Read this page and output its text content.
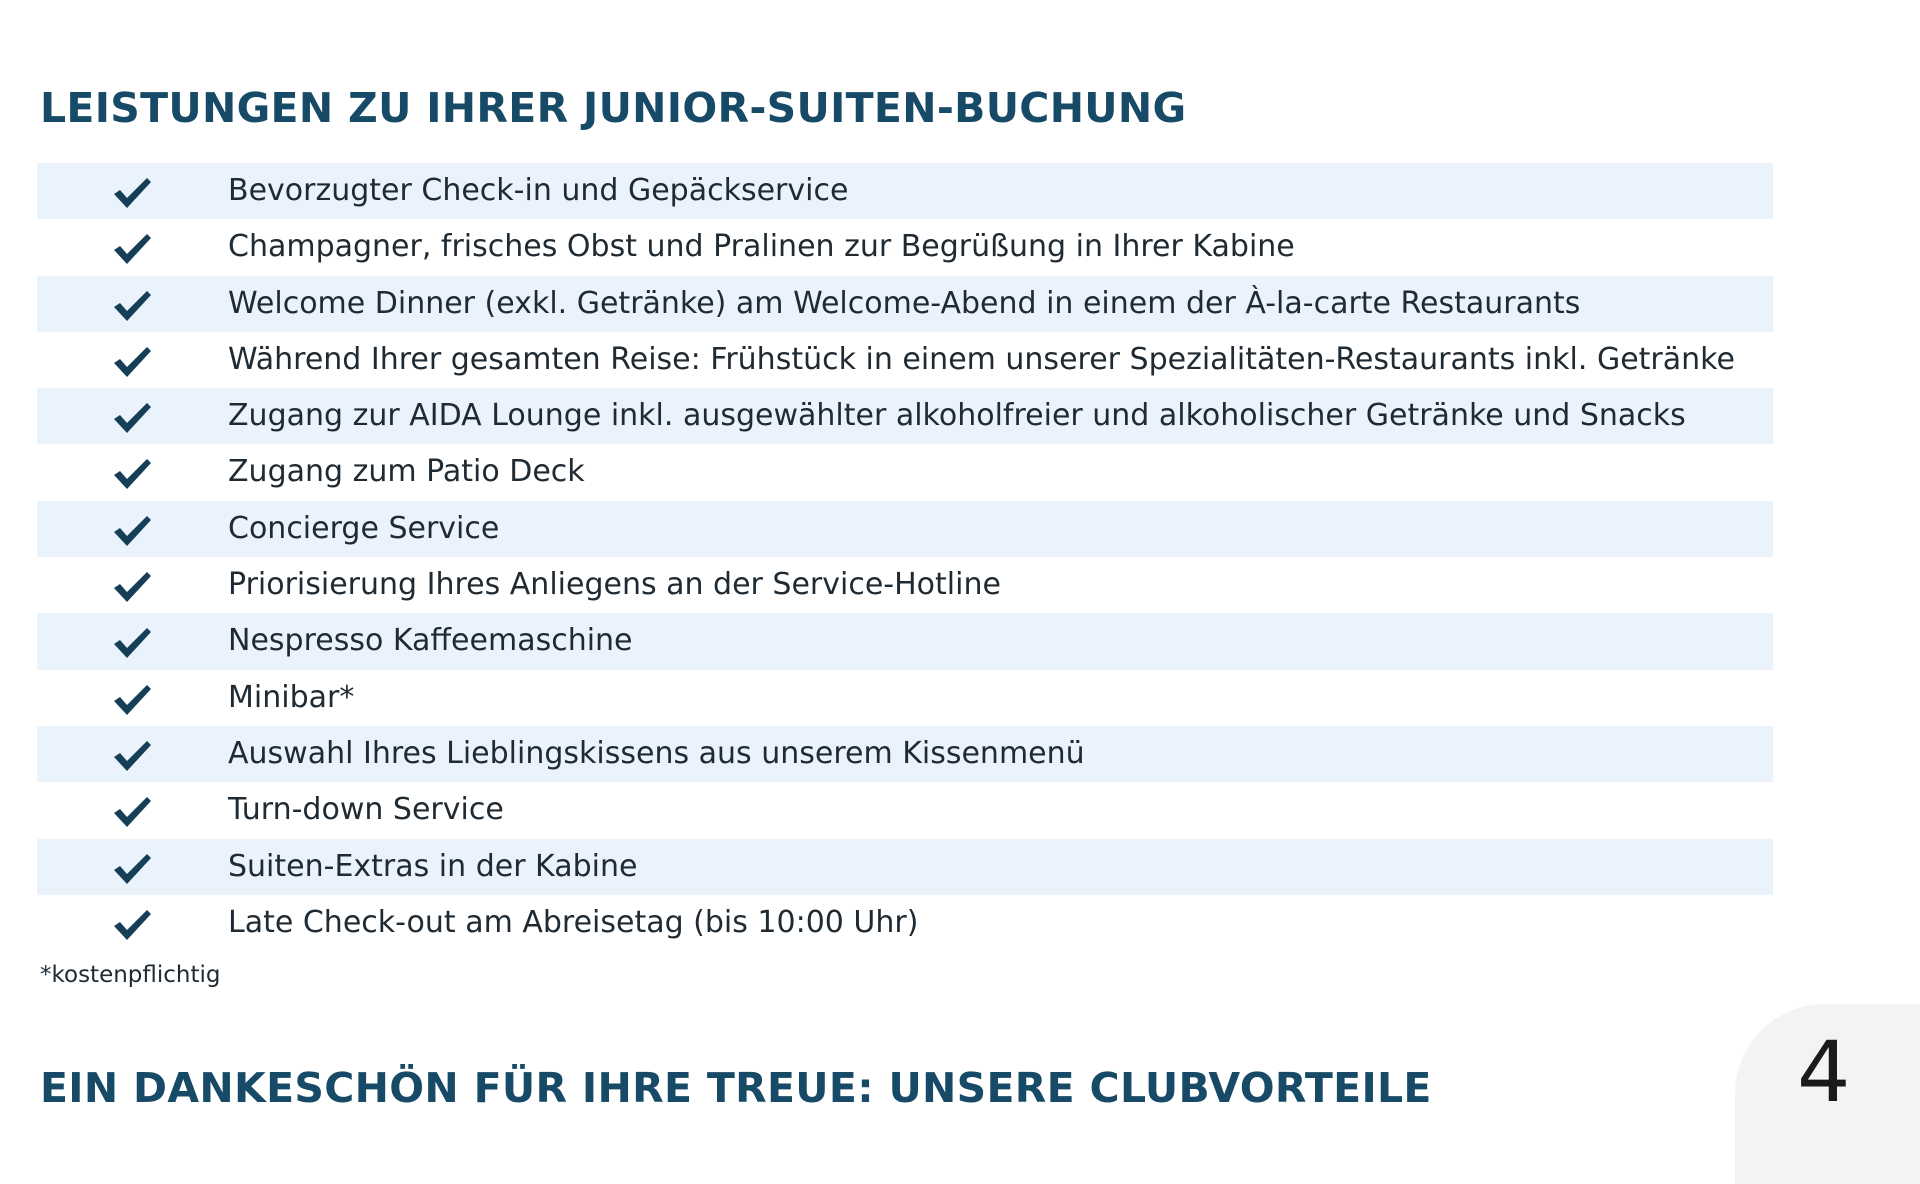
LEISTUNGEN ZU IHRER JUNIOR-SUITEN-BUCHUNG
Bevorzugter Check-in und Gepäckservice
Champagner, frisches Obst und Pralinen zur Begrüßung in Ihrer Kabine
Welcome Dinner (exkl. Getränke) am Welcome-Abend in einem der À-la-carte Restaurants
Während Ihrer gesamten Reise: Frühstück in einem unserer Spezialitäten-Restaurants inkl. Getränke
Zugang zur AIDA Lounge inkl. ausgewählter alkoholfreier und alkoholischer Getränke und Snacks
Zugang zum Patio Deck
Concierge Service
Priorisierung Ihres Anliegens an der Service-Hotline
Nespresso Kaffeemaschine
Minibar*
Auswahl Ihres Lieblingskissens aus unserem Kissenmenü
Turn-down Service
Suiten-Extras in der Kabine
Late Check-out am Abreisetag (bis 10:00 Uhr)
*kostenpflichtig
EIN DANKESCHÖN FÜR IHRE TREUE: UNSERE CLUBVORTEILE	4
